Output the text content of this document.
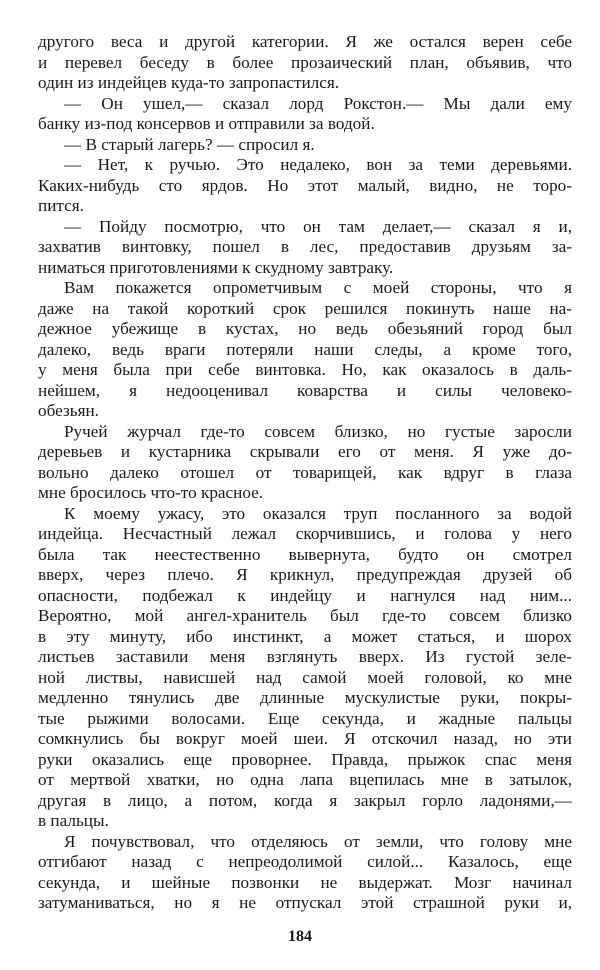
другого веса и другой категории. Я же остался верен себе
и перевел беседу в более прозаический план, объявив, что
один из индейцев куда-то запропастился.
— Он ушел,— сказал лорд Рокстон.— Мы дали ему
банку из-под консервов и отправили за водой.
— В старый лагерь? — спросил я.
— Нет, к ручью. Это недалеко, вон за теми деревьями.
Каких-нибудь сто ярдов. Но этот малый, видно, не торо-
пится.
— Пойду посмотрю, что он там делает,— сказал я и,
захватив винтовку, пошел в лес, предоставив друзьям за-
ниматься приготовлениями к скудному завтраку.
Вам покажется опрометчивым с моей стороны, что я
даже на такой короткий срок решился покинуть наше на-
дежное убежище в кустах, но ведь обезьяний город был
далеко, ведь враги потеряли наши следы, а кроме того,
у меня была при себе винтовка. Но, как оказалось в даль-
нейшем, я недооценивал коварства и силы человеко-
обезьян.
Ручей журчал где-то совсем близко, но густые заросли
деревьев и кустарника скрывали его от меня. Я уже до-
вольно далеко отошел от товарищей, как вдруг в глаза
мне бросилось что-то красное.
К моему ужасу, это оказался труп посланного за водой
индейца. Несчастный лежал скорчившись, и голова у него
была так неестественно вывернута, будто он смотрел
вверх, через плечо. Я крикнул, предупреждая друзей об
опасности, подбежал к индейцу и нагнулся над ним...
Вероятно, мой ангел-хранитель был где-то совсем близко
в эту минуту, ибо инстинкт, а может статься, и шорох
листьев заставили меня взглянуть вверх. Из густой зеле-
ной листвы, нависшей над самой моей головой, ко мне
медленно тянулись две длинные мускулистые руки, покры-
тые рыжими волосами. Еще секунда, и жадные пальцы
сомкнулись бы вокруг моей шеи. Я отскочил назад, но эти
руки оказались еще проворнее. Правда, прыжок спас меня
от мертвой хватки, но одна лапа вцепилась мне в затылок,
другая в лицо, а потом, когда я закрыл горло ладонями,—
в пальцы.
Я почувствовал, что отделяюсь от земли, что голову мне
отгибают назад с непреодолимой силой... Казалось, еще
секунда, и шейные позвонки не выдержат. Мозг начинал
затуманиваться, но я не отпускал этой страшной руки и,
184
